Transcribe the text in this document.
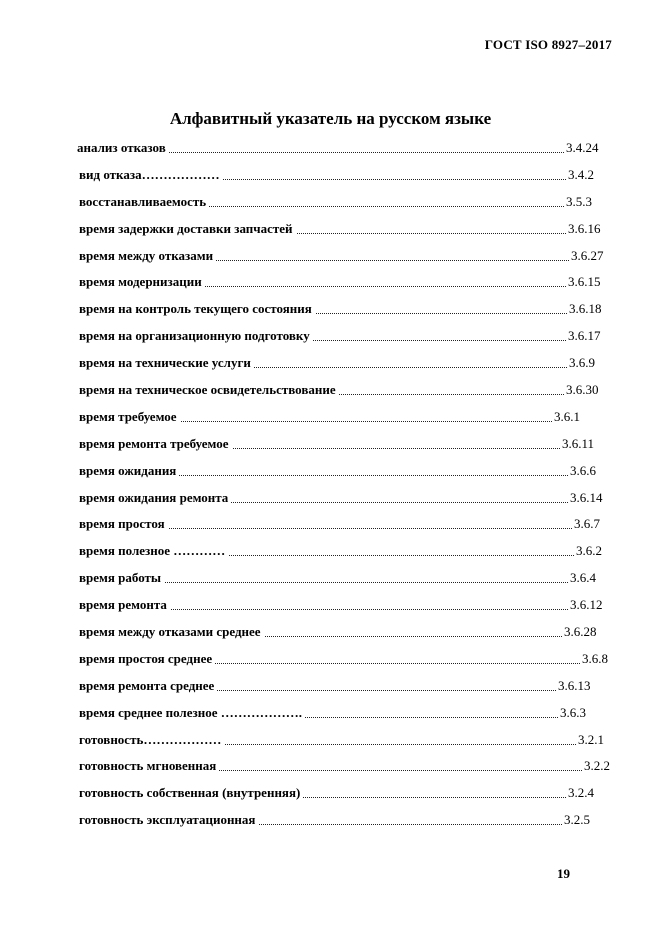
ГОСТ ISO 8927–2017
Алфавитный указатель на русском языке
анализ отказов	3.4.24
вид отказа………………	3.4.2
восстанавливаемость	3.5.3
время задержки доставки запчастей	3.6.16
время между отказами	3.6.27
время модернизации	3.6.15
время на контроль текущего состояния	3.6.18
время на организационную подготовку	3.6.17
время на технические услуги	3.6.9
время на техническое освидетельствование	3.6.30
время требуемое	3.6.1
время ремонта требуемое	3.6.11
время ожидания	3.6.6
время ожидания ремонта	3.6.14
время простоя	3.6.7
время полезное …………	3.6.2
время работы	3.6.4
время ремонта	3.6.12
время между отказами среднее	3.6.28
время простоя среднее	3.6.8
время ремонта среднее	3.6.13
время среднее полезное ……………….	3.6.3
готовность………………	3.2.1
готовность мгновенная	3.2.2
готовность собственная (внутренняя)	3.2.4
готовность эксплуатационная	3.2.5
19
